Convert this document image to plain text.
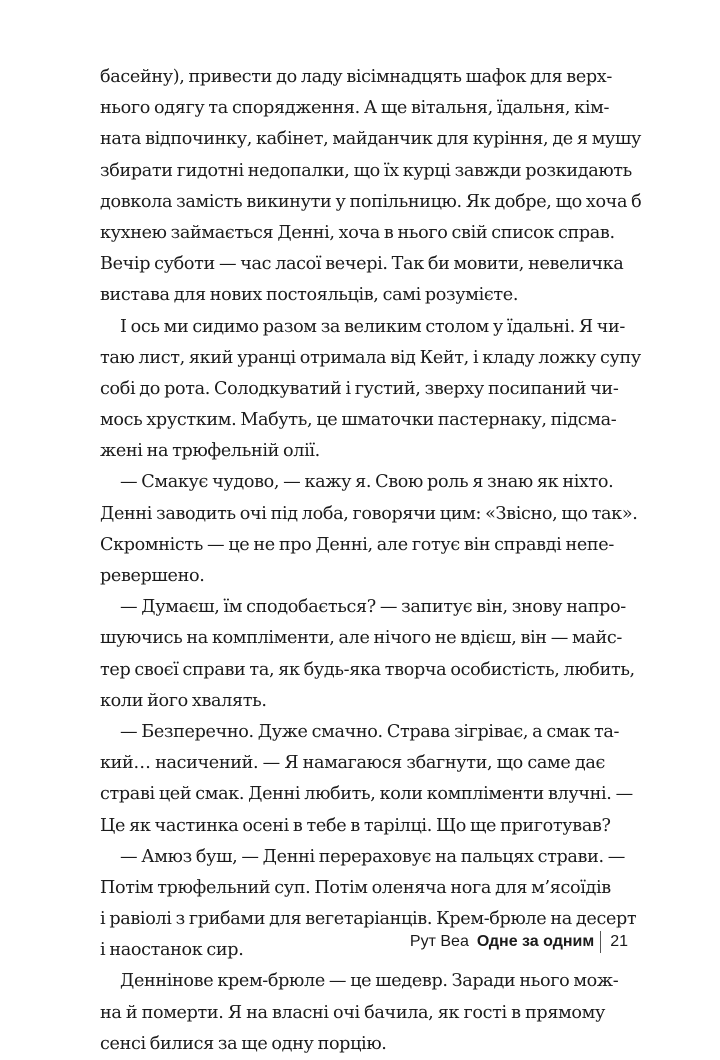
басейну), привести до ладу вісімнадцять шафок для верх-
нього одягу та спорядження. А ще вітальня, їдальня, кім-
ната відпочинку, кабінет, майданчик для куріння, де я мушу
збирати гидотні недопалки, що їх курці завжди розкидають
довкола замість викинути у попільницю. Як добре, що хоча б
кухнею займається Денні, хоча в нього свій список справ.
Вечір суботи — час ласої вечері. Так би мовити, невеличка
вистава для нових постояльців, самі розумієте.
І ось ми сидимо разом за великим столом у їдальні. Я чи-
таю лист, який уранці отримала від Кейт, і кладу ложку супу
собі до рота. Солодкуватий і густий, зверху посипаний чи-
мось хрустким. Мабуть, це шматочки пастернаку, підсма-
жені на трюфельній олії.
— Смакує чудово, — кажу я. Свою роль я знаю як ніхто.
Денні заводить очі під лоба, говорячи цим: «Звісно, що так».
Скромність — це не про Денні, але готує він справді непе-
ревершено.
— Думаєш, їм сподобається? — запитує він, знову напро-
шуючись на компліменти, але нічого не вдієш, він — майс-
тер своєї справи та, як будь-яка творча особистість, любить,
коли його хвалять.
— Безперечно. Дуже смачно. Страва зігріває, а смак та-
кий… насичений. — Я намагаюся збагнути, що саме дає
страві цей смак. Денні любить, коли компліменти влучні. —
Це як частинка осені в тебе в тарілці. Що ще приготував?
— Амюз буш, — Денні перераховує на пальцях страви. —
Потім трюфельний суп. Потім оленяча нога для м’ясоїдів
і равіолі з грибами для вегетаріанців. Крем-брюле на десерт
і наостанок сир.
Деннінове крем-брюле — це шедевр. Заради нього мож-
на й померти. Я на власні очі бачила, як гості в прямому
сенсі билися за ще одну порцію.
Рут Веа Одне за одним 21
